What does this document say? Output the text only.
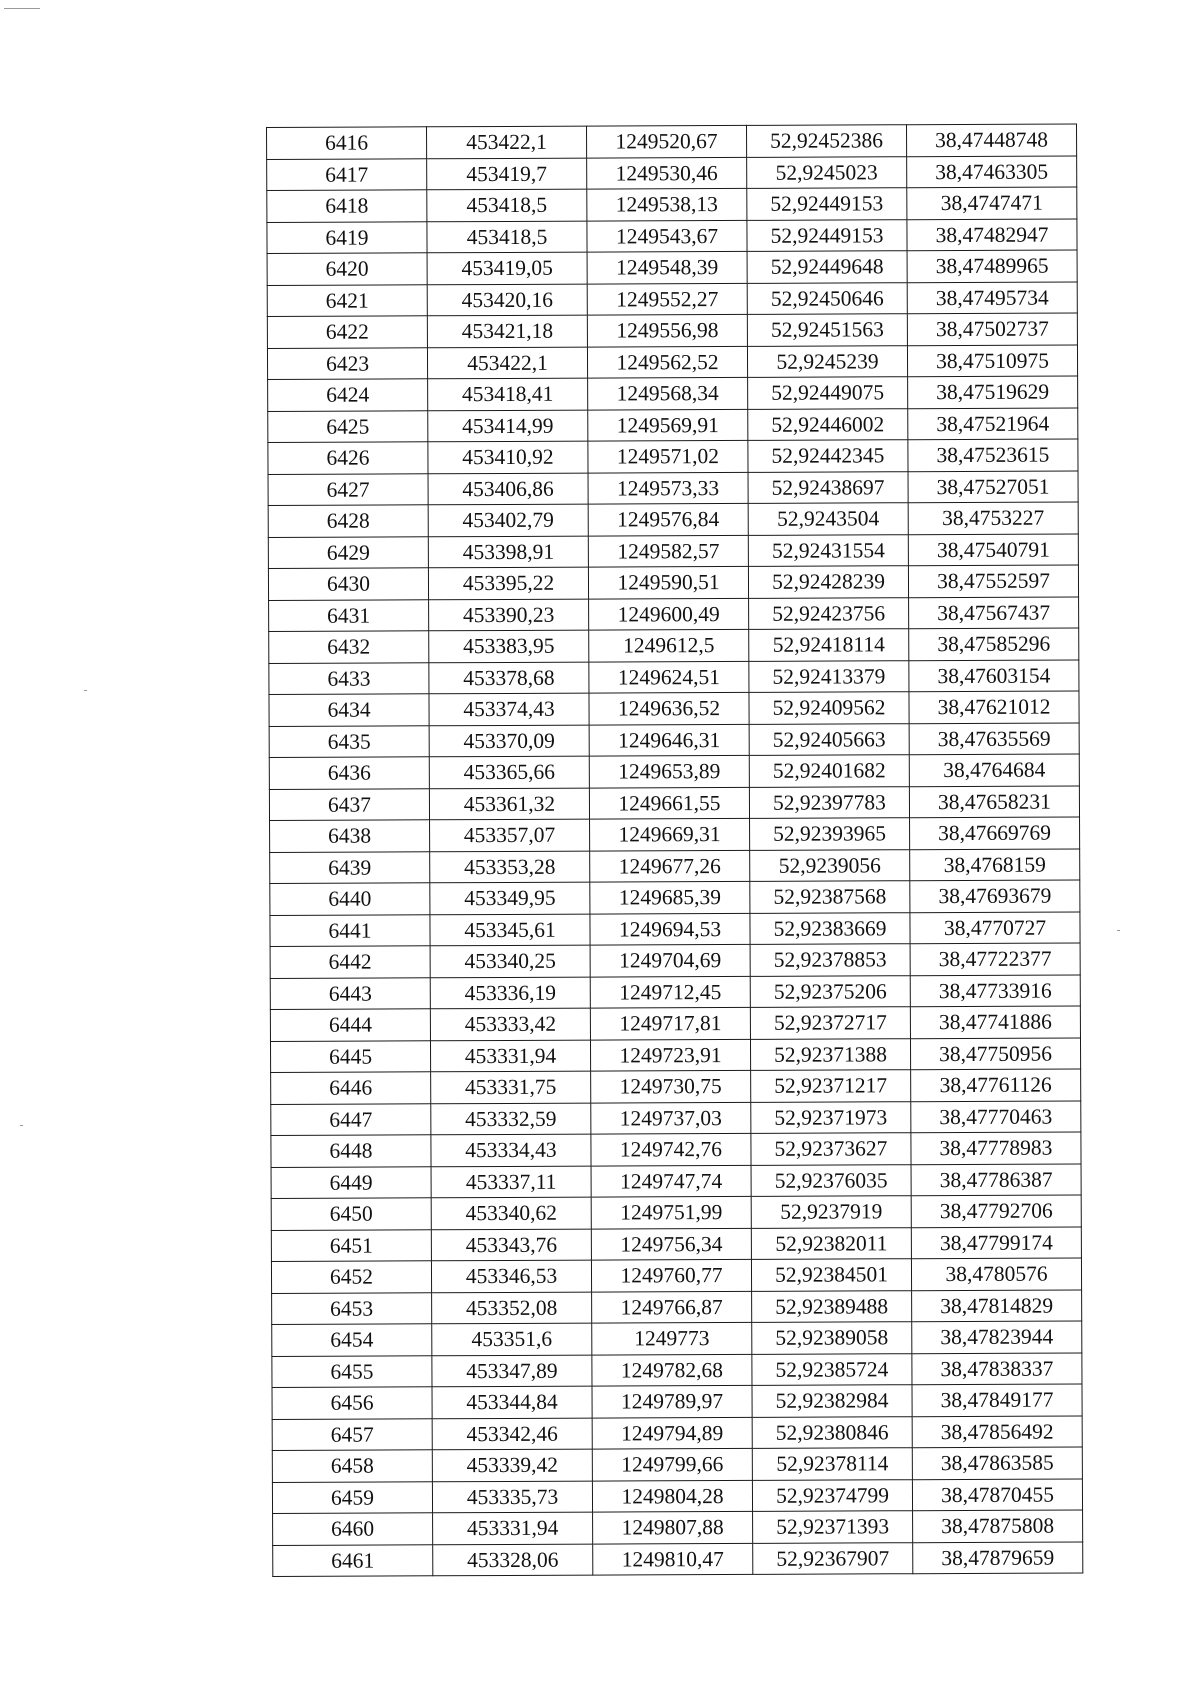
6416	453422,1	1249520,67	52,92452386	38,47448748
6417	453419,7	1249530,46	52,9245023	38,47463305
6418	453418,5	1249538,13	52,92449153	38,4747471
6419	453418,5	1249543,67	52,92449153	38,47482947
6420	453419,05	1249548,39	52,92449648	38,47489965
6421	453420,16	1249552,27	52,92450646	38,47495734
6422	453421,18	1249556,98	52,92451563	38,47502737
6423	453422,1	1249562,52	52,9245239	38,47510975
6424	453418,41	1249568,34	52,92449075	38,47519629
6425	453414,99	1249569,91	52,92446002	38,47521964
6426	453410,92	1249571,02	52,92442345	38,47523615
6427	453406,86	1249573,33	52,92438697	38,47527051
6428	453402,79	1249576,84	52,9243504	38,4753227
6429	453398,91	1249582,57	52,92431554	38,47540791
6430	453395,22	1249590,51	52,92428239	38,47552597
6431	453390,23	1249600,49	52,92423756	38,47567437
6432	453383,95	1249612,5	52,92418114	38,47585296
6433	453378,68	1249624,51	52,92413379	38,47603154
6434	453374,43	1249636,52	52,92409562	38,47621012
6435	453370,09	1249646,31	52,92405663	38,47635569
6436	453365,66	1249653,89	52,92401682	38,4764684
6437	453361,32	1249661,55	52,92397783	38,47658231
6438	453357,07	1249669,31	52,92393965	38,47669769
6439	453353,28	1249677,26	52,9239056	38,4768159
6440	453349,95	1249685,39	52,92387568	38,47693679
6441	453345,61	1249694,53	52,92383669	38,4770727
6442	453340,25	1249704,69	52,92378853	38,47722377
6443	453336,19	1249712,45	52,92375206	38,47733916
6444	453333,42	1249717,81	52,92372717	38,47741886
6445	453331,94	1249723,91	52,92371388	38,47750956
6446	453331,75	1249730,75	52,92371217	38,47761126
6447	453332,59	1249737,03	52,92371973	38,47770463
6448	453334,43	1249742,76	52,92373627	38,47778983
6449	453337,11	1249747,74	52,92376035	38,47786387
6450	453340,62	1249751,99	52,9237919	38,47792706
6451	453343,76	1249756,34	52,92382011	38,47799174
6452	453346,53	1249760,77	52,92384501	38,4780576
6453	453352,08	1249766,87	52,92389488	38,47814829
6454	453351,6	1249773	52,92389058	38,47823944
6455	453347,89	1249782,68	52,92385724	38,47838337
6456	453344,84	1249789,97	52,92382984	38,47849177
6457	453342,46	1249794,89	52,92380846	38,47856492
6458	453339,42	1249799,66	52,92378114	38,47863585
6459	453335,73	1249804,28	52,92374799	38,47870455
6460	453331,94	1249807,88	52,92371393	38,47875808
6461	453328,06	1249810,47	52,92367907	38,47879659
